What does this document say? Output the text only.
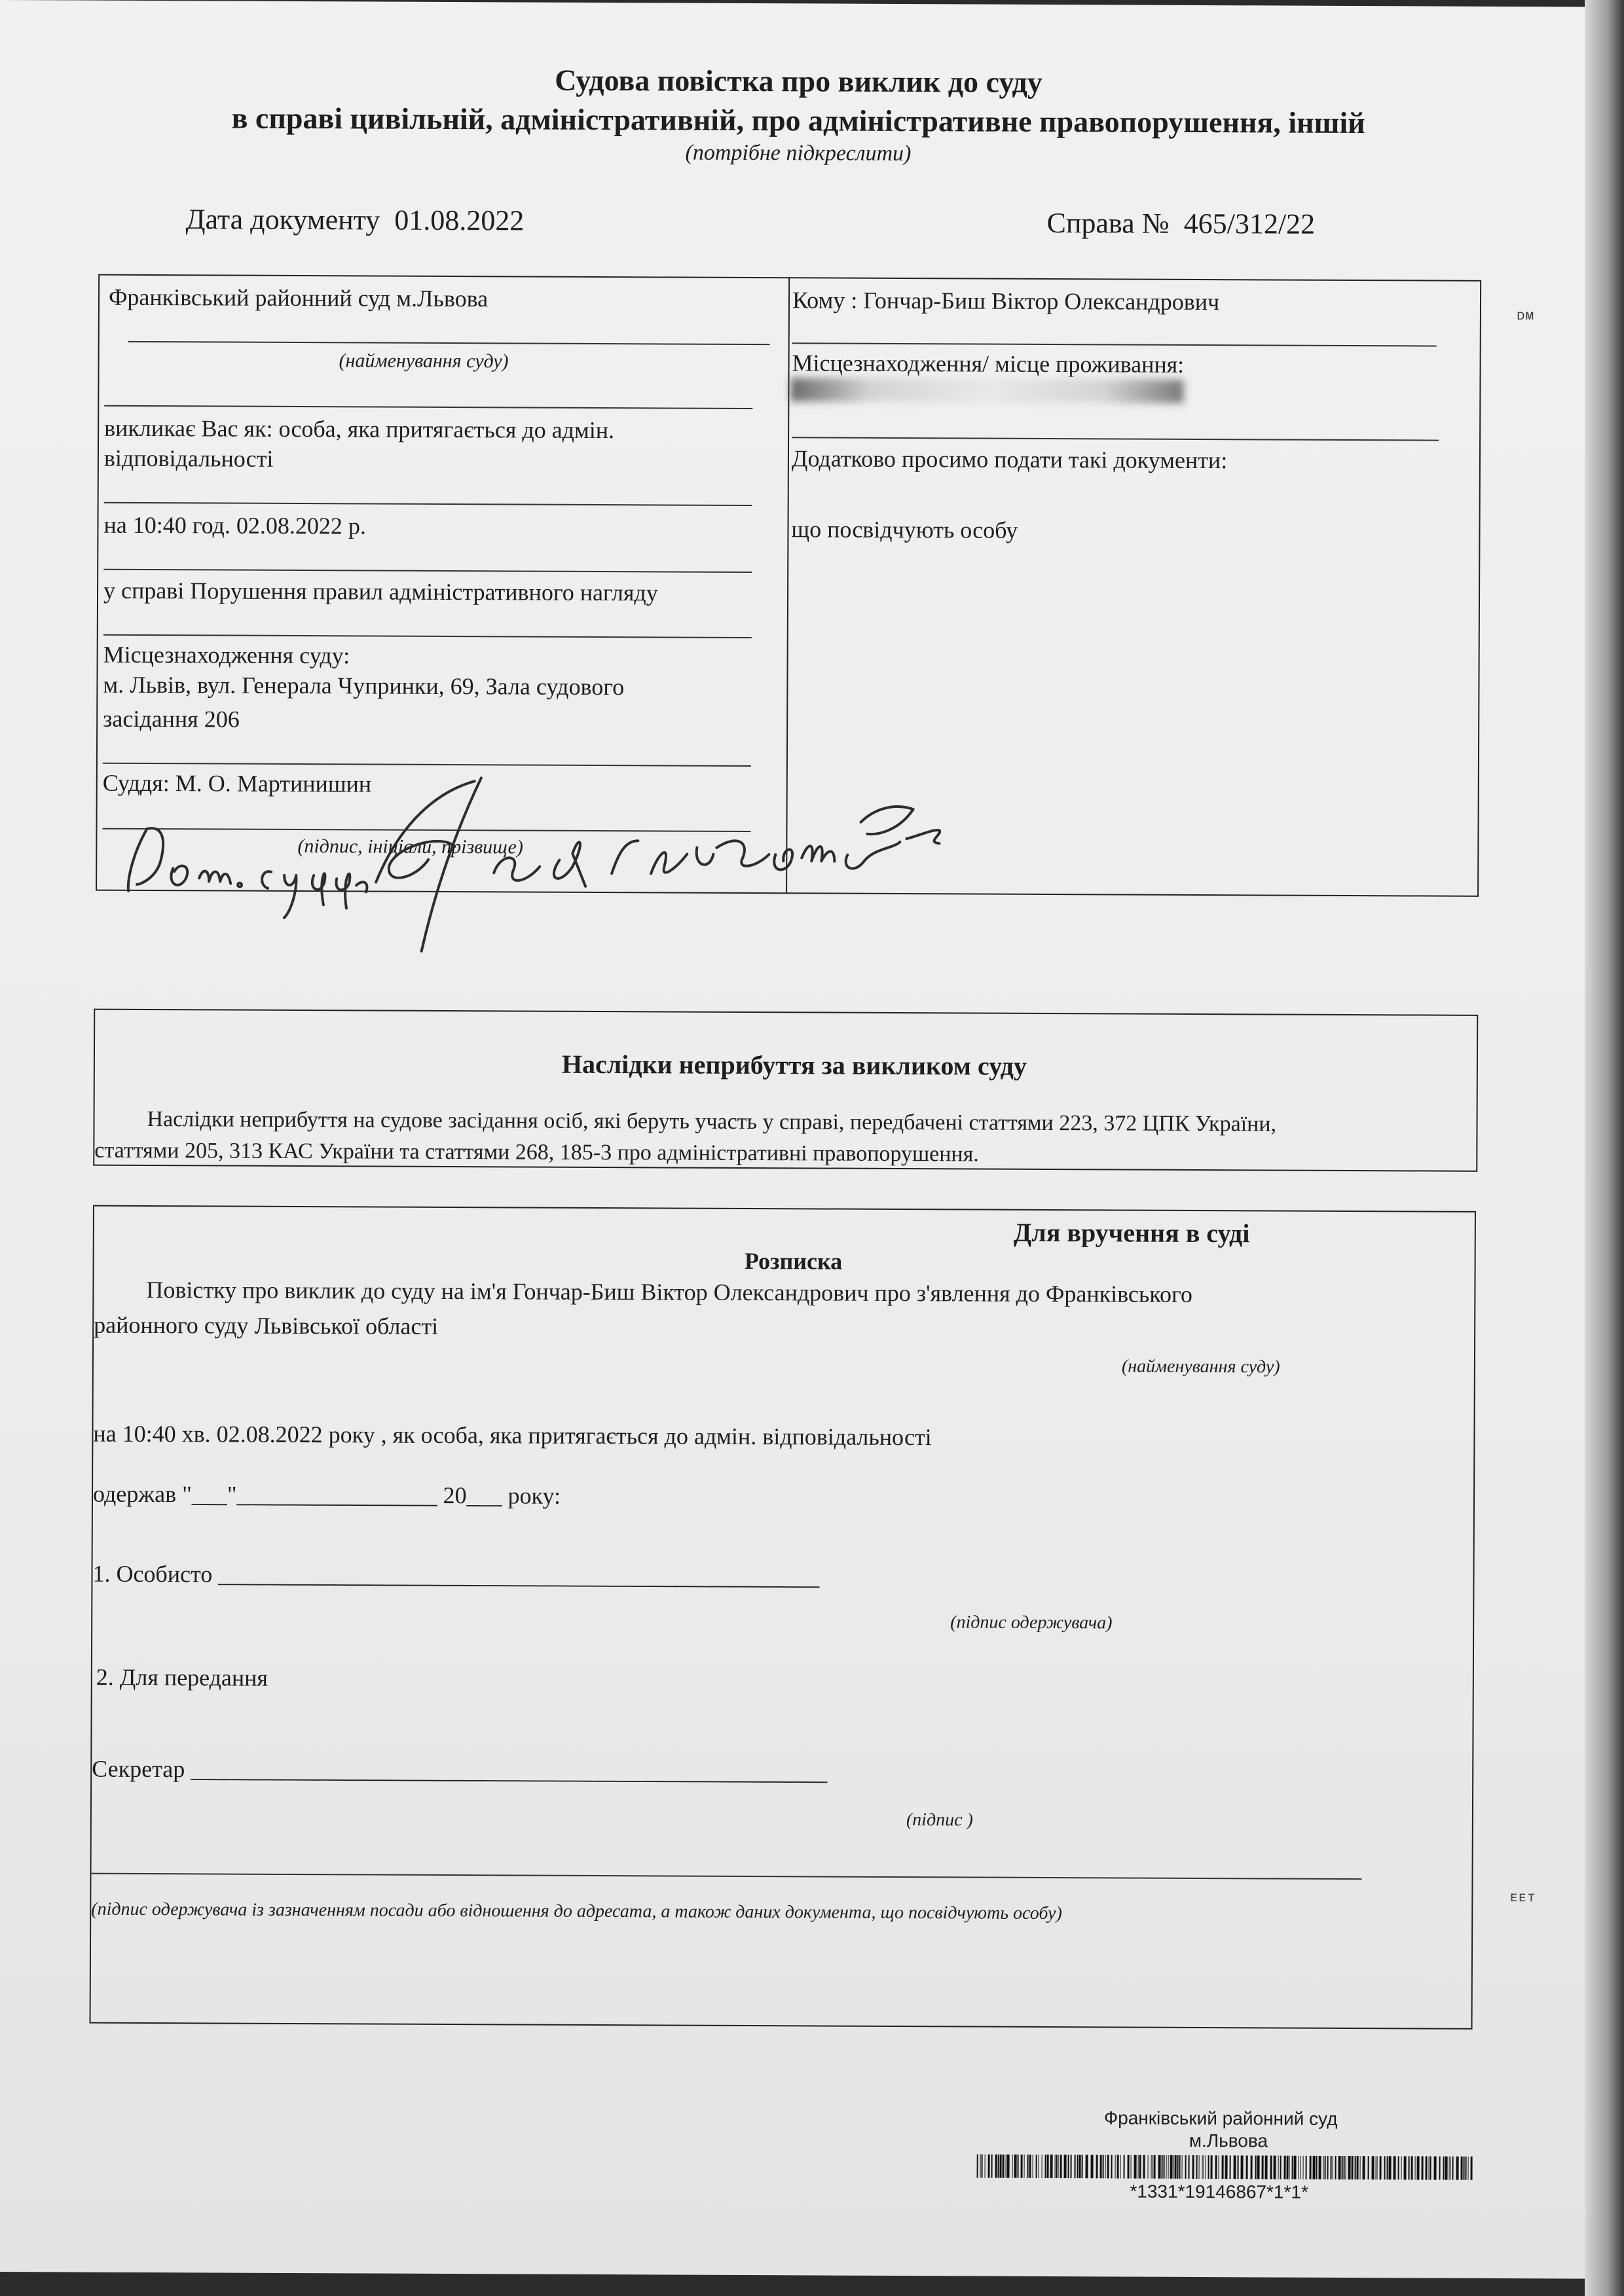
Судова повістка про виклик до суду
в справі цивільній, адміністративній, про адміністративне правопорушення, іншій
(потрібне підкреслити)
Дата документу 01.08.2022	Справа № 465/312/22
Франківський районний суд м.Львова
(найменування суду)
викликає Вас як: особа, яка притягається до адмін.
відповідальності
на 10:40 год. 02.08.2022 р.
у справі Порушення правил адміністративного нагляду
Місцезнаходження суду:
м. Львів, вул. Генерала Чупринки, 69, Зала судового
засідання 206
Суддя: М. О. Мартинишин
(підпис, ініціали, прізвище)
Кому : Гончар-Биш Віктор Олександрович
Місцезнаходження/ місце проживання:
Додатково просимо подати такі документи:
що посвідчують особу
Наслідки неприбуття за викликом суду
Наслідки неприбуття на судове засідання осіб, які беруть участь у справі, передбачені статтями 223, 372 ЦПК України,
статтями 205, 313 КАС України та статтями 268, 185-3 про адміністративні правопорушення.
Для вручення в суді
Розписка
Повістку про виклик до суду на ім'я Гончар-Биш Віктор Олександрович про з'явлення до Франківського
районного суду Львівської області
(найменування суду)
на 10:40 хв. 02.08.2022 року , як особа, яка притягається до адмін. відповідальності
одержав "___"_________________ 20___ року:
1. Особисто ___________________________________________________
(підпис одержувача)
2. Для передання
Секретар ______________________________________________________
(підпис )
(підпис одержувача із зазначенням посади або відношення до адресата, а також даних документа, що посвідчують особу)
Франківський районний суд
м.Львова
*1331*19146867*1*1*
ᴅᴍ
ᴇᴇᴛ
